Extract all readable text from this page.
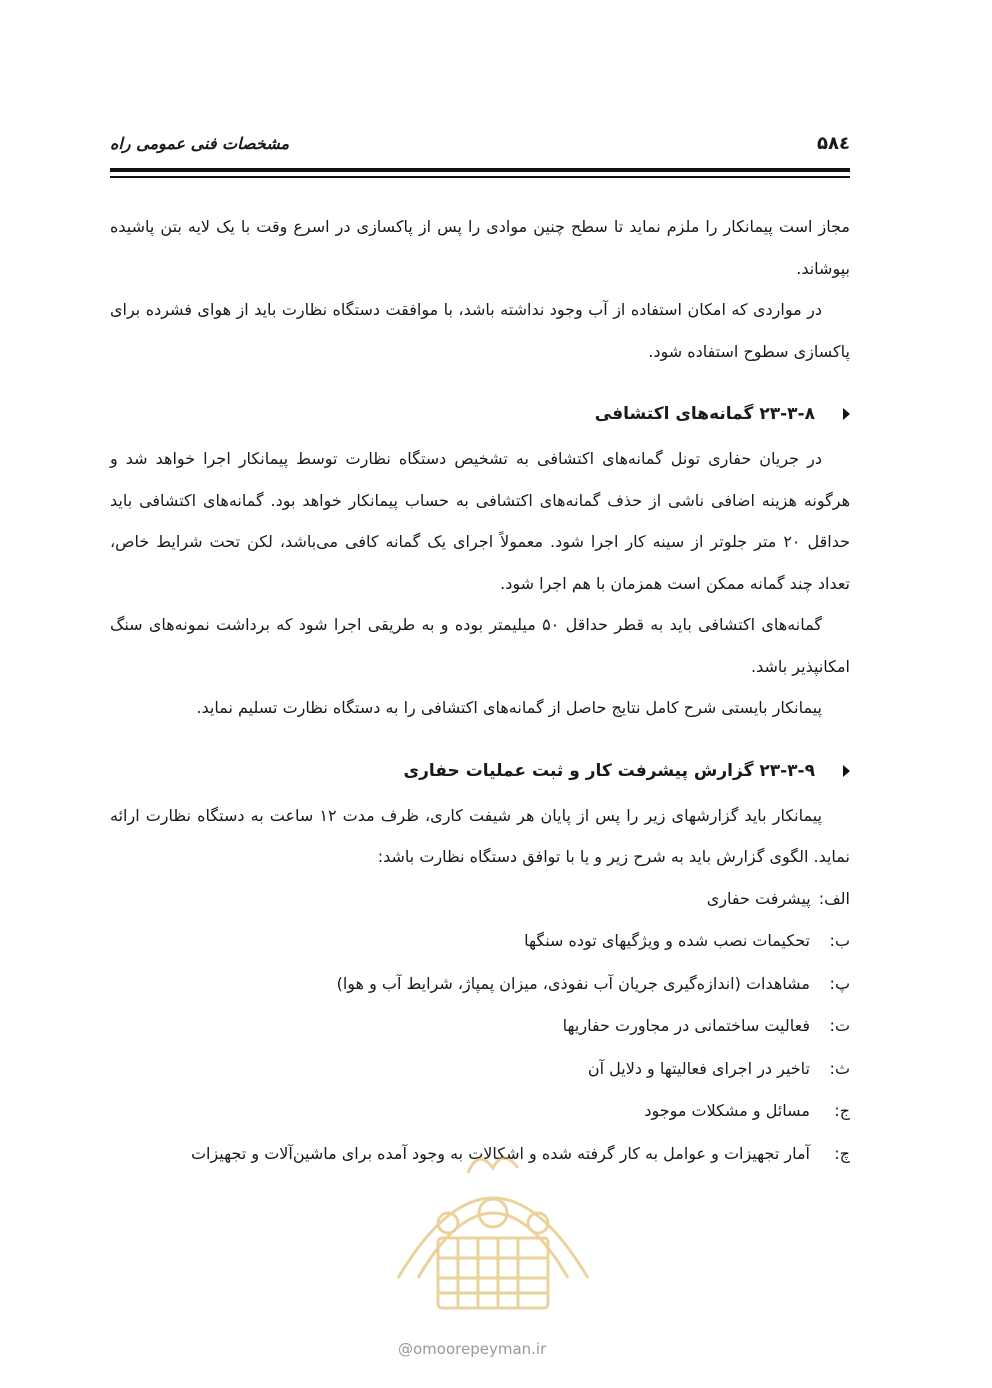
۵۸٤
مشخصات فنی عمومی راه

مجاز است پیمانکار را ملزم نماید تا سطح چنین موادی را پس از پاکسازی در اسرع وقت با یک لایه بتن پاشیده بپوشاند.

در مواردی که امکان استفاده از آب وجود نداشته باشد، با موافقت دستگاه نظارت باید از هوای فشرده برای پاکسازی سطوح استفاده شود.

۲۳-۳-۸ گمانه‌های اکتشافی

در جریان حفاری تونل گمانه‌های اکتشافی به تشخیص دستگاه نظارت توسط پیمانکار اجرا خواهد شد و هرگونه هزینه اضافی ناشی از حذف گمانه‌های اکتشافی به حساب پیمانکار خواهد بود. گمانه‌های اکتشافی باید حداقل ۲۰ متر جلوتر از سینه کار اجرا شود. معمولاً اجرای یک گمانه کافی می‌باشد، لکن تحت شرایط خاص، تعداد چند گمانه ممکن است همزمان با هم اجرا شود.

گمانه‌های اکتشافی باید به قطر حداقل ۵۰ میلیمتر بوده و به طریقی اجرا شود که برداشت نمونه‌های سنگ امکانپذیر باشد.

پیمانکار بایستی شرح کامل نتایج حاصل از گمانه‌های اکتشافی را به دستگاه نظارت تسلیم نماید.

۲۳-۳-۹ گزارش پیشرفت کار و ثبت عملیات حفاری

پیمانکار باید گزارشهای زیر را پس از پایان هر شیفت کاری، ظرف مدت ۱۲ ساعت به دستگاه نظارت ارائه نماید. الگوی گزارش باید به شرح زیر و یا با توافق دستگاه نظارت باشد:

الف:
پیشرفت حفاری
ب:
تحکیمات نصب شده و ویژگیهای توده سنگها
پ:
مشاهدات (اندازه‌گیری جریان آب نفوذی، میزان پمپاژ، شرایط آب و هوا)
ت:
فعالیت ساختمانی در مجاورت حفاریها
ث:
تاخیر در اجرای فعالیتها و دلایل آن
ج:
مسائل و مشکلات موجود
چ:
آمار تجهیزات و عوامل به کار گرفته شده و اشکالات به وجود آمده برای ماشین‌آلات و تجهیزات
@omoorepeyman.ir
